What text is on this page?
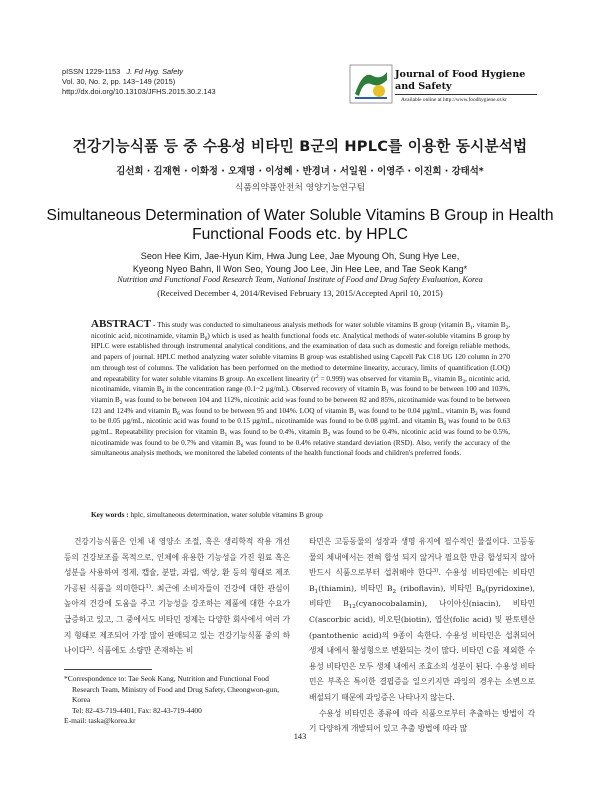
pISSN 1229-1153 J. Fd Hyg. Safety
Vol. 30, No. 2, pp. 143~149 (2015)
http://dx.doi.org/10.13103/JFHS.2015.30.2.143
Journal of Food Hygiene
and Safety
Available online at http://www.foodhygiene.or.kr
건강기능식품 등 중 수용성 비타민 B군의 HPLC를 이용한 동시분석법
김선희 · 김재현 · 이화정 · 오재명 · 이성혜 · 반경녀 · 서일원 · 이영주 · 이진희 · 강태석*
식품의약품안전처 영양기능연구팀
Simultaneous Determination of Water Soluble Vitamins B Group in Health
Functional Foods etc. by HPLC
Seon Hee Kim, Jae-Hyun Kim, Hwa Jung Lee, Jae Myoung Oh, Sung Hye Lee,
Kyeong Nyeo Bahn, Il Won Seo, Young Joo Lee, Jin Hee Lee, and Tae Seok Kang*
Nutrition and Functional Food Research Team, National Institute of Food and Drug Safety Evaluation, Korea
(Received December 4, 2014/Revised February 13, 2015/Accepted April 10, 2015)
ABSTRACT - This study was conducted to simultaneous analysis methods for water soluble vitamins B group (vitamin $B_1$, vitamin $B_2$, nicotinic acid, nicotinamide, vitamin $B_6$) which is used as health functional foods etc. Analytical methods of water-soluble vitamins B group by HPLC were established through instrumental analytical conditions, and the examination of data such as domestic and foreign reliable methods, and papers of journal. HPLC method analyzing water soluble vitamins B group was established using Capcell Pak C18 UG 120 column in 270 nm through test of columns. The validation has been performed on the method to determine linearity, accuracy, limits of quantification (LOQ) and repeatability for water soluble vitamins B group. An excellent linearity $(r^2 = 0.999)$ was observed for vitamin $B_1$, vitamin $B_2$, nicotinic acid, nicotinamide, vitamin $B_6$ in the concentration range (0.1~2 µg/mL). Observed recovery of vitamin $B_1$ was found to be between 100 and 103%, vitamin $B_2$ was found to be between 104 and 112%, nicotinic acid was found to be between 82 and 85%, nicotinamide was found to be between 121 and 124% and vitamin $B_6$ was found to be between 95 and 104%. LOQ of vitamin $B_1$ was found to be 0.04 µg/mL, vitamin $B_2$ was found to be 0.05 µg/mL, nicotinic acid was found to be 0.15 µg/mL, nicotinamide was found to be 0.08 µg/mL and vitamin $B_6$ was found to be 0.63 µg/mL. Repeatability precision for vitamin $B_1$ was found to be 0.4%, vitamin $B_2$ was found to be 0.4%, nicotinic acid was found to be 0.5%, nicotinamide was found to be 0.7% and vitamin $B_6$ was found to be 0.4% relative standard deviation (RSD). Also, verify the accuracy of the simultaneous analysis methods, we monitored the labeled contents of the health functional foods and children's preferred foods.
Key words : hplc, simultaneous determination, water soluble vitamins B group

건강기능식품은 인체 내 영양소 조절, 혹은 생리학적 작용 개선 등의 건강보조를 목적으로, 인체에 유용한 기능성을 가진 원료 혹은 성분을 사용하여 정제, 캡슐, 분말, 과립, 액상, 환 등의 형태로 제조 가공된 식품을 의미한다$^{1)}$. 최근에 소비자들이 건강에 대한 관심이 높아져 건강에 도움을 주고 기능성을 강조하는 제품에 대한 수요가 급증하고 있고, 그 중에서도 비타민 정제는 다양한 회사에서 여러 가지 형태로 제조되어 가장 많이 판매되고 있는 건강기능식품 중의 하나이다$^{2)}$. 식품에도 소량만 존재하는 비

타민은 고등동물의 성장과 생명 유지에 필수적인 물질이다. 고등동물의 체내에서는 전혀 합성 되지 않거나 필요한 만큼 합성되지 않아 반드시 식품으로부터 섭취해야 한다$^{3)}$. 수용성 비타민에는 비타민 $B_1(thiamin)$, 비타민 $B_2$ (riboflavin), 비타민 $B_6(pyridoxine)$, 비타민 $B_{12}(cyanocobalamin)$, 나이아신(niacin), 비타민 C(ascorbic acid), 비오틴(biotin), 엽산(folic acid) 및 판토텐산(pantothenic acid)의 9종이 속한다. 수용성 비타민은 섭취되어 생체 내에서 활성형으로 변환되는 것이 많다. 비타민 C를 제외한 수용성 비타민은 모두 생체 내에서 조효소의 성분이 된다. 수용성 비타민은 부족은 특이한 결핍증을 일으키지만 과잉의 경우는 소변으로 배설되기 때문에 과잉증은 나타나지 않는다.

수용성 비타민은 종류에 따라 식품으로부터 추출하는 방법이 각기 다양하게 개발되어 있고 추출 방법에 따라 많

*Correspondence to: Tae Seok Kang, Nutrition and Functional Food Research Team, Ministry of Food and Drug Safety, Cheongwon-gun, Korea
Tel: 82-43-719-4401, Fax: 82-43-719-4400
E-mail: taska@korea.kr
143
